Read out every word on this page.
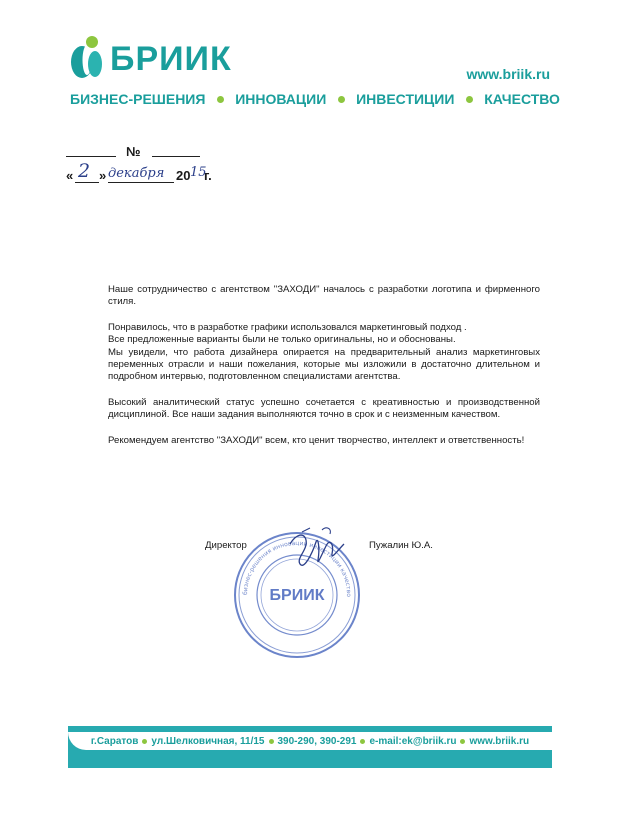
БРИИК	www.briik.ru
БИЗНЕС-РЕШЕНИЯ ИННОВАЦИИ ИНВЕСТИЦИИ КАЧЕСТВО
№
« 2 » декабря 20 15
г.

Наше сотрудничество с агентством "ЗАХОДИ" началось с разработки логотипа и фирменного стиля.

Понравилось, что в разработке графики использовался маркетинговый подход .

Все предложенные варианты были не только оригинальны, но и обоснованы.

Мы увидели, что работа дизайнера опирается на предварительный анализ маркетинговых переменных отрасли и наши пожелания, которые мы изложили в достаточно длительном и подробном интервью, подготовленном специалистами агентства.

Высокий аналитический статус успешно сочетается с креативностью и производственной дисциплиной. Все наши задания выполняются точно в срок и с неизменным качеством.

Рекомендуем агентство "ЗАХОДИ" всем, кто ценит творчество, интеллект и ответственность!

бизнес-решения инновации инвестиции качество
БРИИК
Директор	Пужалин Ю.А.
г.Саратов ул.Шелковичная, 11/15 390-290, 390-291 e-mail:ek@briik.ru www.briik.ru
